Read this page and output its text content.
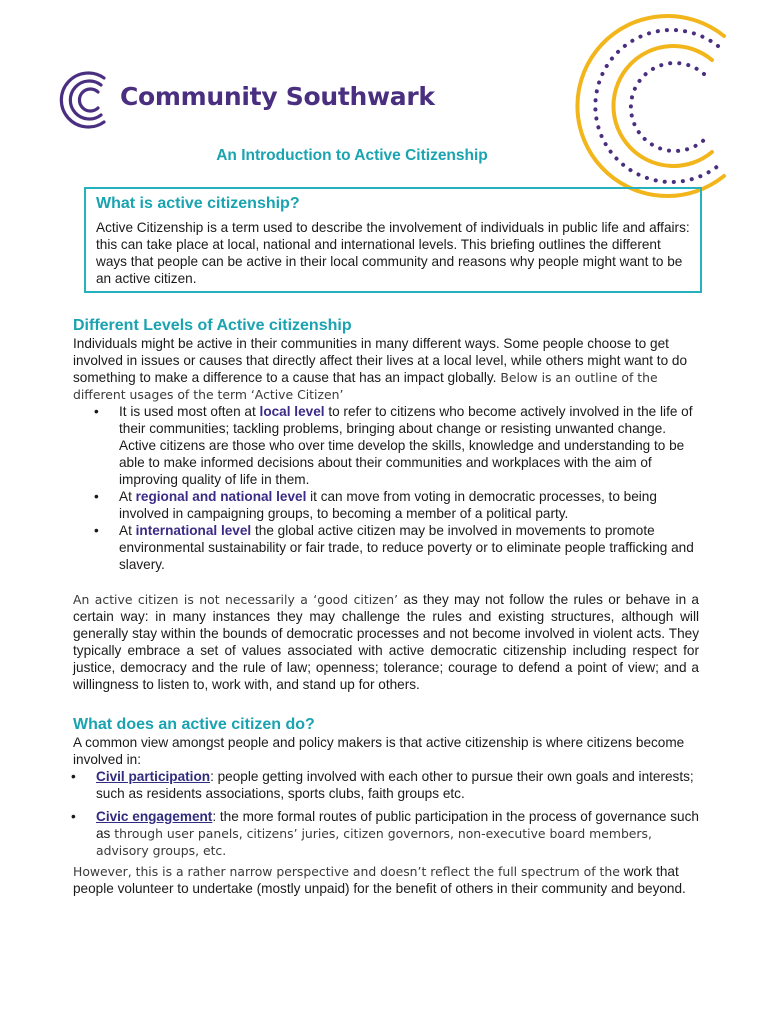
Community Southwark
An Introduction to Active Citizenship
What is active citizenship?

Active Citizenship is a term used to describe the involvement of individuals in public life and affairs: this can take place at local, national and international levels. This briefing outlines the different ways that people can be active in their local community and reasons why people might want to be an active citizen.

Different Levels of Active citizenship

Individuals might be active in their communities in many different ways. Some people choose to get involved in issues or causes that directly affect their lives at a local level, while others might want to do something to make a difference to a cause that has an impact globally. Below is an outline of the different usages of the term ‘Active Citizen’

• It is used most often at local level to refer to citizens who become actively involved in the life of their communities; tackling problems, bringing about change or resisting unwanted change. Active citizens are those who over time develop the skills, knowledge and understanding to be able to make informed decisions about their communities and workplaces with the aim of improving quality of life in them.
• At regional and national level it can move from voting in democratic processes, to being involved in campaigning groups, to becoming a member of a political party.
• At international level the global active citizen may be involved in movements to promote environmental sustainability or fair trade, to reduce poverty or to eliminate people trafficking and slavery.

An active citizen is not necessarily a ‘good citizen’ as they may not follow the rules or behave in a certain way: in many instances they may challenge the rules and existing structures, although will generally stay within the bounds of democratic processes and not become involved in violent acts. They typically embrace a set of values associated with active democratic citizenship including respect for justice, democracy and the rule of law; openness; tolerance; courage to defend a point of view; and a willingness to listen to, work with, and stand up for others.

What does an active citizen do?

A common view amongst people and policy makers is that active citizenship is where citizens become involved in:

• Civil participation: people getting involved with each other to pursue their own goals and interests; such as residents associations, sports clubs, faith groups etc.
• Civic engagement: the more formal routes of public participation in the process of governance such as through user panels, citizens’ juries, citizen governors, non-executive board members, advisory groups, etc.

However, this is a rather narrow perspective and doesn’t reflect the full spectrum of the work that people volunteer to undertake (mostly unpaid) for the benefit of others in their community and beyond.
